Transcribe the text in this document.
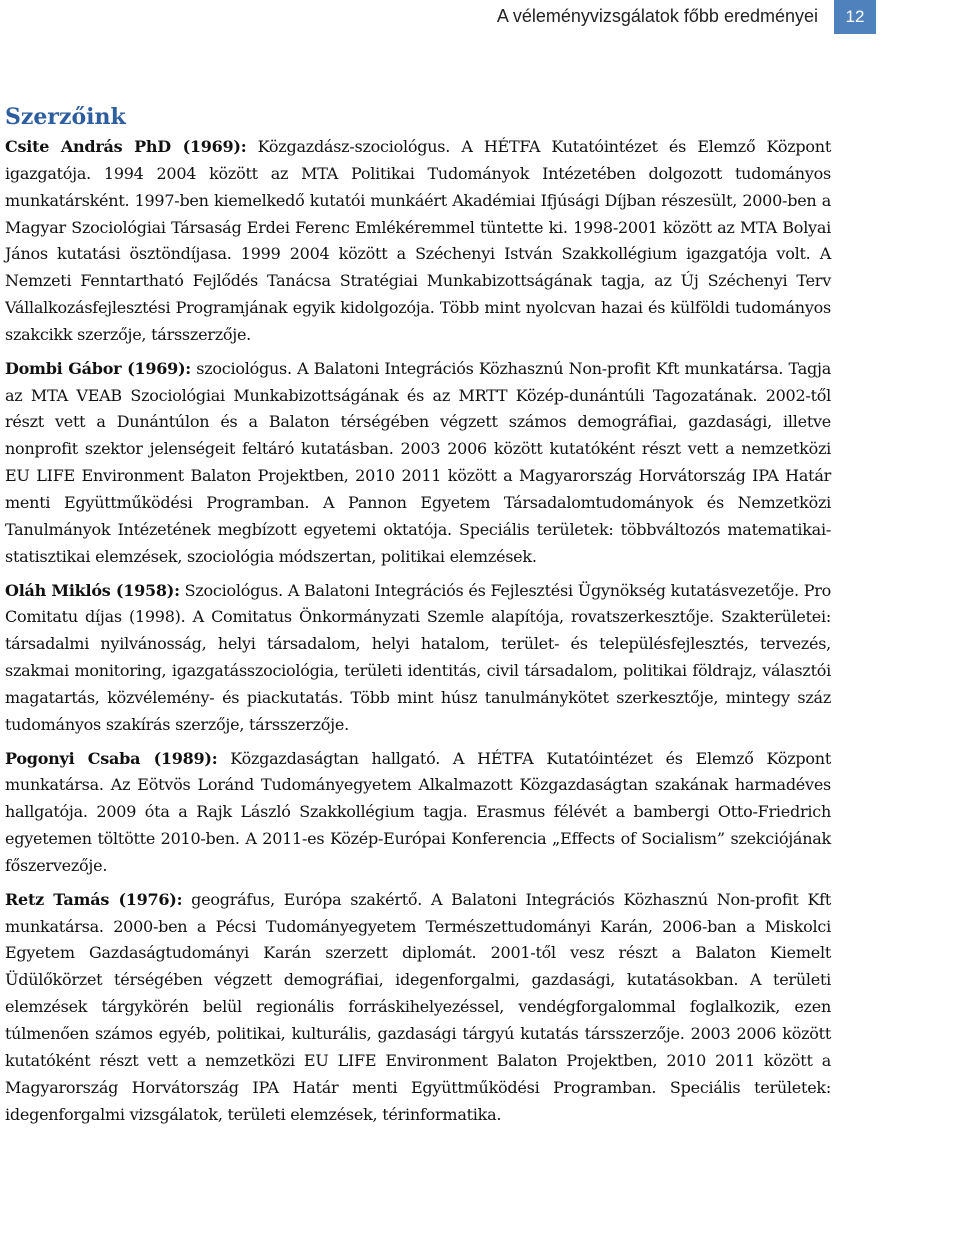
A véleményvizsgálatok főbb eredményei	12
Szerzőink

Csite András PhD (1969): Közgazdász-szociológus. A HÉTFA Kutatóintézet és Elemző Központ igazgatója. 1994 2004 között az MTA Politikai Tudományok Intézetében dolgozott tudományos munkatársként. 1997-ben kiemelkedő kutatói munkáért Akadémiai Ifjúsági Díjban részesült, 2000-ben a Magyar Szociológiai Társaság Erdei Ferenc Emlékéremmel tüntette ki. 1998-2001 között az MTA Bolyai János kutatási ösztöndíjasa. 1999 2004 között a Széchenyi István Szakkollégium igazgatója volt. A Nemzeti Fenntartható Fejlődés Tanácsa Stratégiai Munkabizottságának tagja, az Új Széchenyi Terv Vállalkozásfejlesztési Programjának egyik kidolgozója. Több mint nyolcvan hazai és külföldi tudományos szakcikk szerzője, társszerzője.

Dombi Gábor (1969): szociológus. A Balatoni Integrációs Közhasznú Non-profit Kft munkatársa. Tagja az MTA VEAB Szociológiai Munkabizottságának és az MRTT Közép-dunántúli Tagozatának. 2002-től részt vett a Dunántúlon és a Balaton térségében végzett számos demográfiai, gazdasági, illetve nonprofit szektor jelenségeit feltáró kutatásban. 2003 2006 között kutatóként részt vett a nemzetközi EU LIFE Environment Balaton Projektben, 2010 2011 között a Magyarország Horvátország IPA Határ menti Együttműködési Programban. A Pannon Egyetem Társadalomtudományok és Nemzetközi Tanulmányok Intézetének megbízott egyetemi oktatója. Speciális területek: többváltozós matematikai-statisztikai elemzések, szociológia módszertan, politikai elemzések.

Oláh Miklós (1958): Szociológus. A Balatoni Integrációs és Fejlesztési Ügynökség kutatásvezetője. Pro Comitatu díjas (1998). A Comitatus Önkormányzati Szemle alapítója, rovatszerkesztője. Szakterületei: társadalmi nyilvánosság, helyi társadalom, helyi hatalom, terület- és településfejlesztés, tervezés, szakmai monitoring, igazgatásszociológia, területi identitás, civil társadalom, politikai földrajz, választói magatartás, közvélemény- és piackutatás. Több mint húsz tanulmánykötet szerkesztője, mintegy száz tudományos szakírás szerzője, társszerzője.

Pogonyi Csaba (1989): Közgazdaságtan hallgató. A HÉTFA Kutatóintézet és Elemző Központ munkatársa. Az Eötvös Loránd Tudományegyetem Alkalmazott Közgazdaságtan szakának harmadéves hallgatója. 2009 óta a Rajk László Szakkollégium tagja. Erasmus félévét a bambergi Otto-Friedrich egyetemen töltötte 2010-ben. A 2011-es Közép-Európai Konferencia „Effects of Socialism” szekciójának főszervezője.

Retz Tamás (1976): geográfus, Európa szakértő. A Balatoni Integrációs Közhasznú Non-profit Kft munkatársa. 2000-ben a Pécsi Tudományegyetem Természettudományi Karán, 2006-ban a Miskolci Egyetem Gazdaságtudományi Karán szerzett diplomát. 2001-től vesz részt a Balaton Kiemelt Üdülőkörzet térségében végzett demográfiai, idegenforgalmi, gazdasági, kutatásokban. A területi elemzések tárgykörén belül regionális forráskihelyezéssel, vendégforgalommal foglalkozik, ezen túlmenően számos egyéb, politikai, kulturális, gazdasági tárgyú kutatás társszerzője. 2003 2006 között kutatóként részt vett a nemzetközi EU LIFE Environment Balaton Projektben, 2010 2011 között a Magyarország Horvátország IPA Határ menti Együttműködési Programban. Speciális területek: idegenforgalmi vizsgálatok, területi elemzések, térinformatika.
